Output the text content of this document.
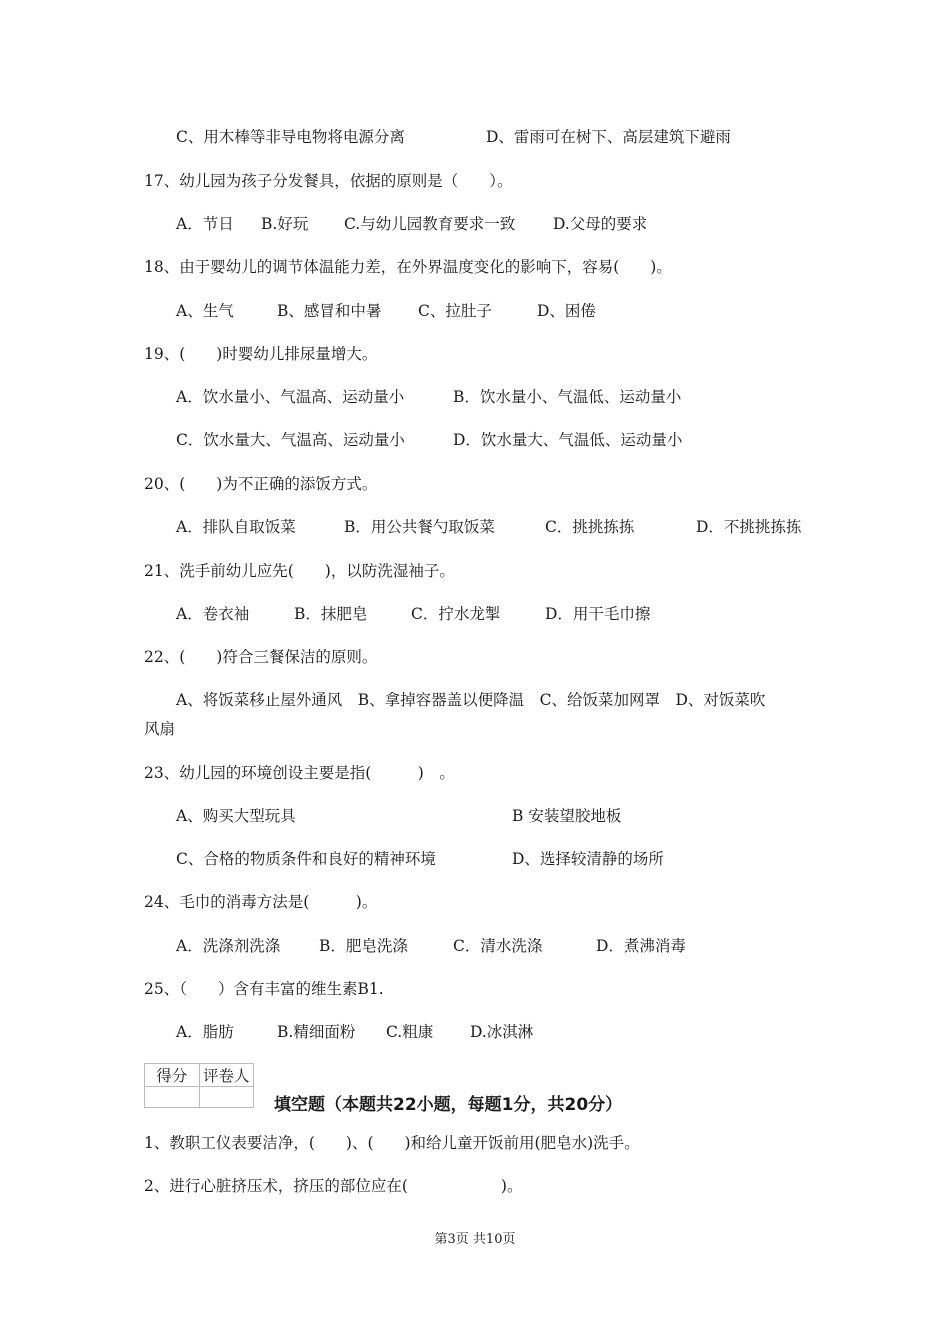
C、用木棒等非导电物将电源分离	D、雷雨可在树下、高层建筑下避雨
17、幼儿园为孩子分发餐具，依据的原则是（　　）。
A．节日 B.好玩 C.与幼儿园教育要求一致 D.父母的要求
18、由于婴幼儿的调节体温能力差，在外界温度变化的影响下，容易(　　)。
A、生气	B、感冒和中暑 C、拉肚子	D、困倦
19、(　　)时婴幼儿排尿量增大。
A．饮水量小、气温高、运动量小	B．饮水量小、气温低、运动量小
C．饮水量大、气温高、运动量小	D．饮水量大、气温低、运动量小
20、(　　)为不正确的添饭方式。
A．排队自取饭菜	B．用公共餐勺取饭菜	C．挑挑拣拣	D．不挑挑拣拣
21、洗手前幼儿应先(　　)，以防洗湿袖子。
A．卷衣袖	B．抹肥皂	C．拧水龙掣	D．用干毛巾擦
22、(　　)符合三餐保洁的原则。
A、将饭菜移止屋外通风　B、拿掉容器盖以便降温　C、给饭菜加网罩　D、对饭菜吹
风扇
23、幼儿园的环境创设主要是指(　　　)　。
A、购买大型玩具	B 安装望胶地板
C、合格的物质条件和良好的精神环境	D、选择较清静的场所
24、毛巾的消毒方法是(　　　)。
A．洗涤剂洗涤	B．肥皂洗涤	C．清水洗涤	D．煮沸消毒
25、（　　）含有丰富的维生素B1.
A．脂肪	B.精细面粉 C.粗康 D.冰淇淋
得分	评卷人

填空题（本题共22小题，每题1分，共20分）
1、教职工仪表要洁净，(　　)、(　　)和给儿童开饭前用(肥皂水)洗手。
2、进行心脏挤压术，挤压的部位应在(　　　　　　)。
第3页 共10页
